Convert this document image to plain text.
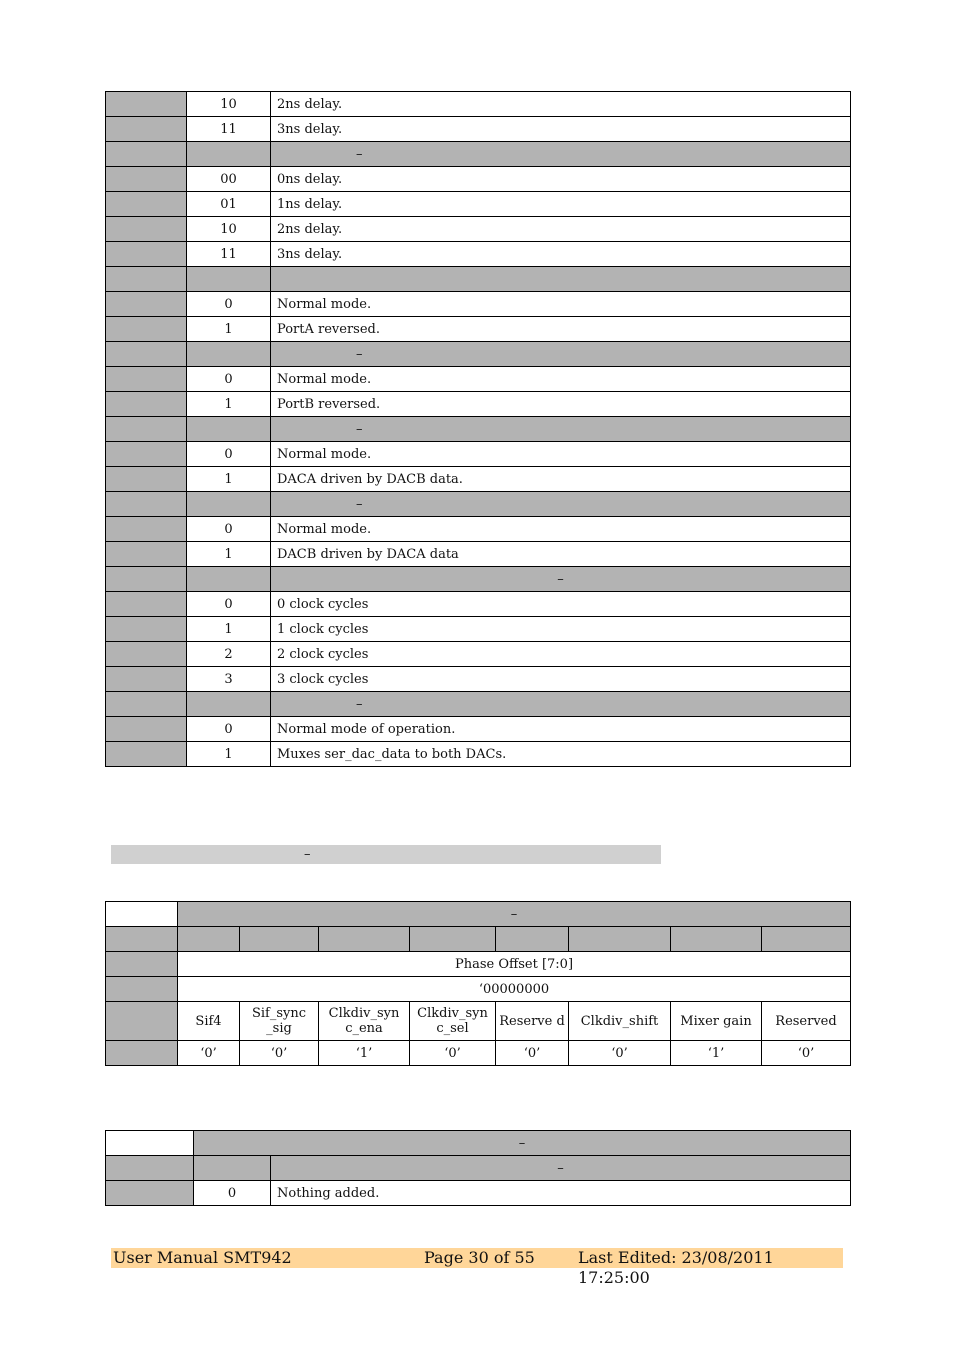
	10	2ns delay.
	11	3ns delay.
		–
	00	0ns delay.
	01	1ns delay.
	10	2ns delay.
	11	3ns delay.

	0	Normal mode.
	1	PortA reversed.
		–
	0	Normal mode.
	1	PortB reversed.
		–
	0	Normal mode.
	1	DACA driven by DACB data.
		–
	0	Normal mode.
	1	DACB driven by DACA data
		–
	0	0 clock cycles
	1	1 clock cycles
	2	2 clock cycles
	3	3 clock cycles
		–
	0	Normal mode of operation.
	1	Muxes ser_dac_data to both DACs.
–
	–							

	Phase Offset [7:0]							
	‘00000000							
	Sif4	Sif_sync _sig	Clkdiv_syn c_ena	Clkdiv_syn c_sel	Reserve d	Clkdiv_shift	Mixer gain	Reserved
	‘0’	‘0’	‘1’	‘0’	‘0’	‘0’	‘1’	‘0’
	–	
		–
	0	Nothing added.
User Manual SMT942	Page 30 of 55	Last Edited: 23/08/2011 17:25:00
